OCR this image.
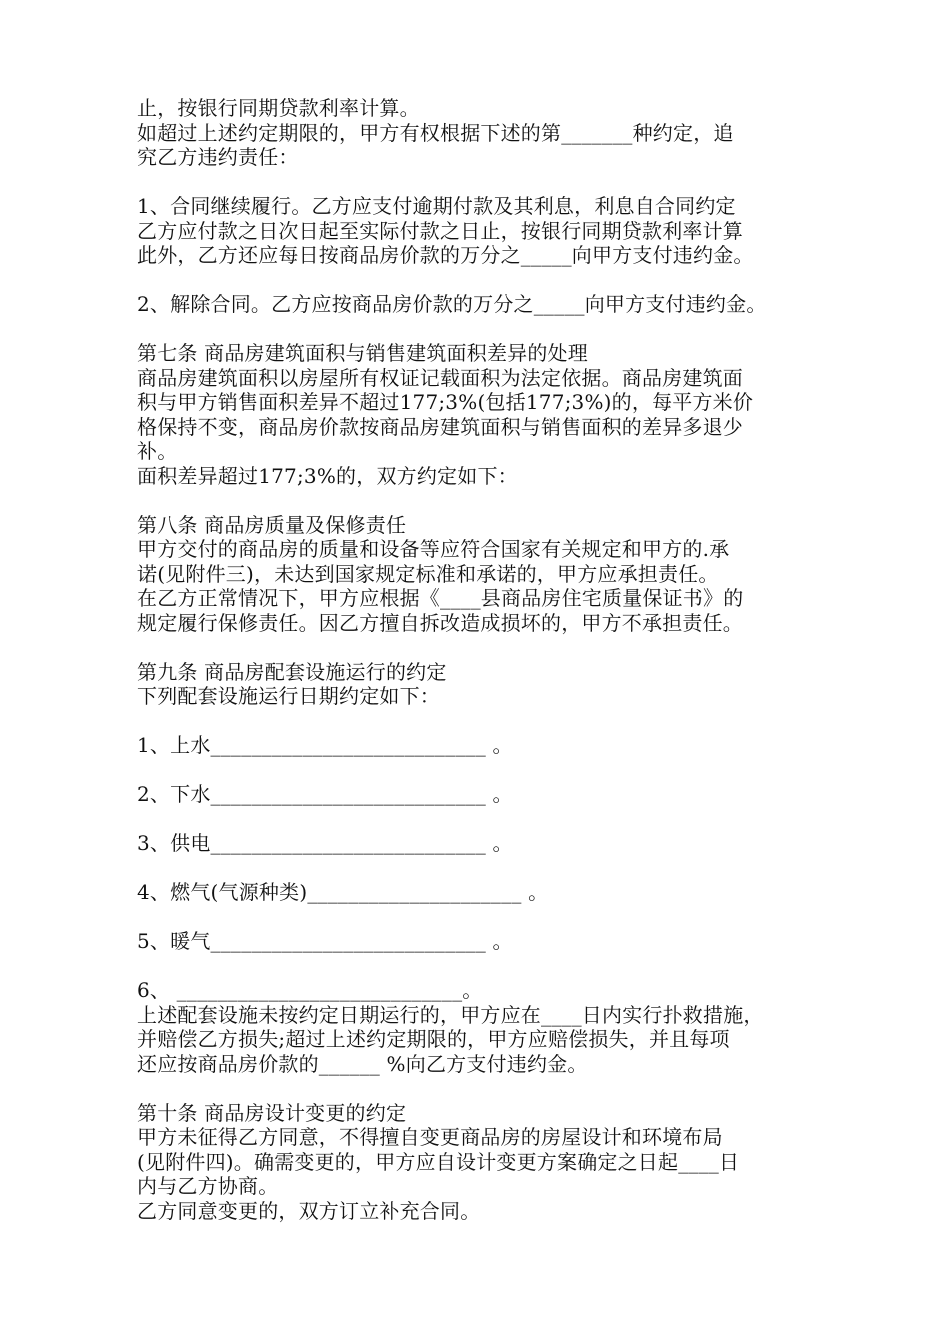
止，按银行同期贷款利率计算。
如超过上述约定期限的，甲方有权根据下述的第_______种约定，追
究乙方违约责任：
1、合同继续履行。乙方应支付逾期付款及其利息，利息自合同约定
乙方应付款之日次日起至实际付款之日止，按银行同期贷款利率计算
此外，乙方还应每日按商品房价款的万分之_____向甲方支付违约金。
2、解除合同。乙方应按商品房价款的万分之_____向甲方支付违约金。
第七条 商品房建筑面积与销售建筑面积差异的处理
商品房建筑面积以房屋所有权证记载面积为法定依据。商品房建筑面
积与甲方销售面积差异不超过177;3%(包括177;3%)的，每平方米价
格保持不变，商品房价款按商品房建筑面积与销售面积的差异多退少
补。
面积差异超过177;3%的，双方约定如下：
第八条 商品房质量及保修责任
甲方交付的商品房的质量和设备等应符合国家有关规定和甲方的.承
诺(见附件三)，未达到国家规定标准和承诺的，甲方应承担责任。
在乙方正常情况下，甲方应根据《____县商品房住宅质量保证书》的
规定履行保修责任。因乙方擅自拆改造成损坏的，甲方不承担责任。
第九条 商品房配套设施运行的约定
下列配套设施运行日期约定如下：
1、上水___________________________ 。
2、下水___________________________ 。
3、供电___________________________ 。
4、燃气(气源种类)_____________________ 。
5、暖气___________________________ 。
6、 ____________________________。
上述配套设施未按约定日期运行的，甲方应在____日内实行扑救措施，
并赔偿乙方损失;超过上述约定期限的，甲方应赔偿损失，并且每项
还应按商品房价款的______ %向乙方支付违约金。
第十条 商品房设计变更的约定
甲方未征得乙方同意，不得擅自变更商品房的房屋设计和环境布局
(见附件四)。确需变更的，甲方应自设计变更方案确定之日起____日
内与乙方协商。
乙方同意变更的，双方订立补充合同。
